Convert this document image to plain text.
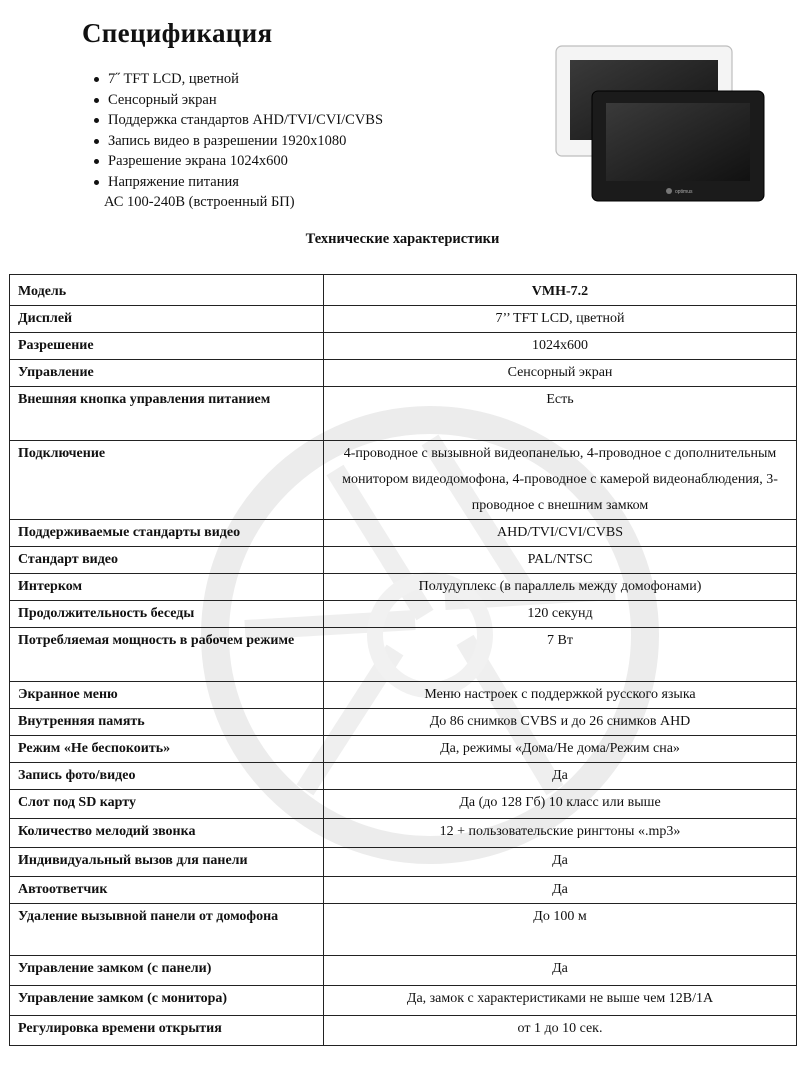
Спецификация
7˝ TFT LCD, цветной
Сенсорный экран
Поддержка стандартов AHD/TVI/CVI/CVBS
Запись видео в разрешении 1920x1080
Разрешение экрана 1024x600
Напряжение питания
АС 100-240В (встроенный БП)
optimus
Технические характеристики
Модель	VMH-7.2
Дисплей	7’’ TFT LCD, цветной
Разрешение	1024x600
Управление	Сенсорный экран
Внешняя кнопка управления питанием	Есть
Подключение	4-проводное с вызывной видеопанелью, 4-проводное с дополнительным монитором видеодомофона, 4-проводное с камерой видеонаблюдения, 3-проводное с внешним замком
Поддерживаемые стандарты видео	AHD/TVI/CVI/CVBS
Стандарт видео	PAL/NTSC
Интерком	Полудуплекс (в параллель между домофонами)
Продолжительность беседы	120 секунд
Потребляемая мощность в рабочем режиме	7 Вт
Экранное меню	Меню настроек с поддержкой русского языка
Внутренняя память	До 86 снимков CVBS и до 26 снимков AHD
Режим «Не беспокоить»	Да, режимы «Дома/Не дома/Режим сна»
Запись фото/видео	Да
Слот под SD карту	Да (до 128 Гб) 10 класс или выше
Количество мелодий звонка	12 + пользовательские рингтоны «.mp3»
Индивидуальный вызов для панели	Да
Автоответчик	Да
Удаление вызывной панели от домофона	До 100 м
Управление замком (с панели)	Да
Управление замком (с монитора)	Да, замок с характеристиками не выше чем 12В/1А
Регулировка времени открытия	от 1 до 10 сек.
